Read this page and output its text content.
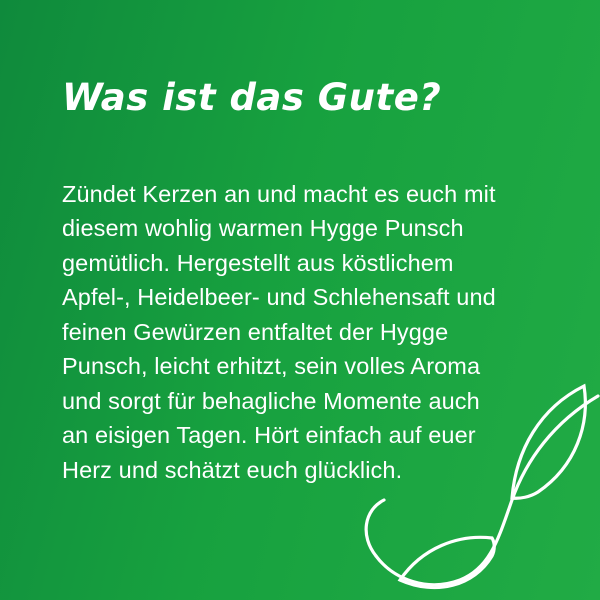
Was ist das Gute?

Zündet Kerzen an und macht es euch mit diesem wohlig warmen Hygge Punsch gemütlich. Hergestellt aus köstlichem Apfel-, Heidelbeer- und Schlehensaft und feinen Gewürzen entfaltet der Hygge Punsch, leicht erhitzt, sein volles Aroma und sorgt für behagliche Momente auch an eisigen Tagen. Hört einfach auf euer Herz und schätzt euch glücklich.
